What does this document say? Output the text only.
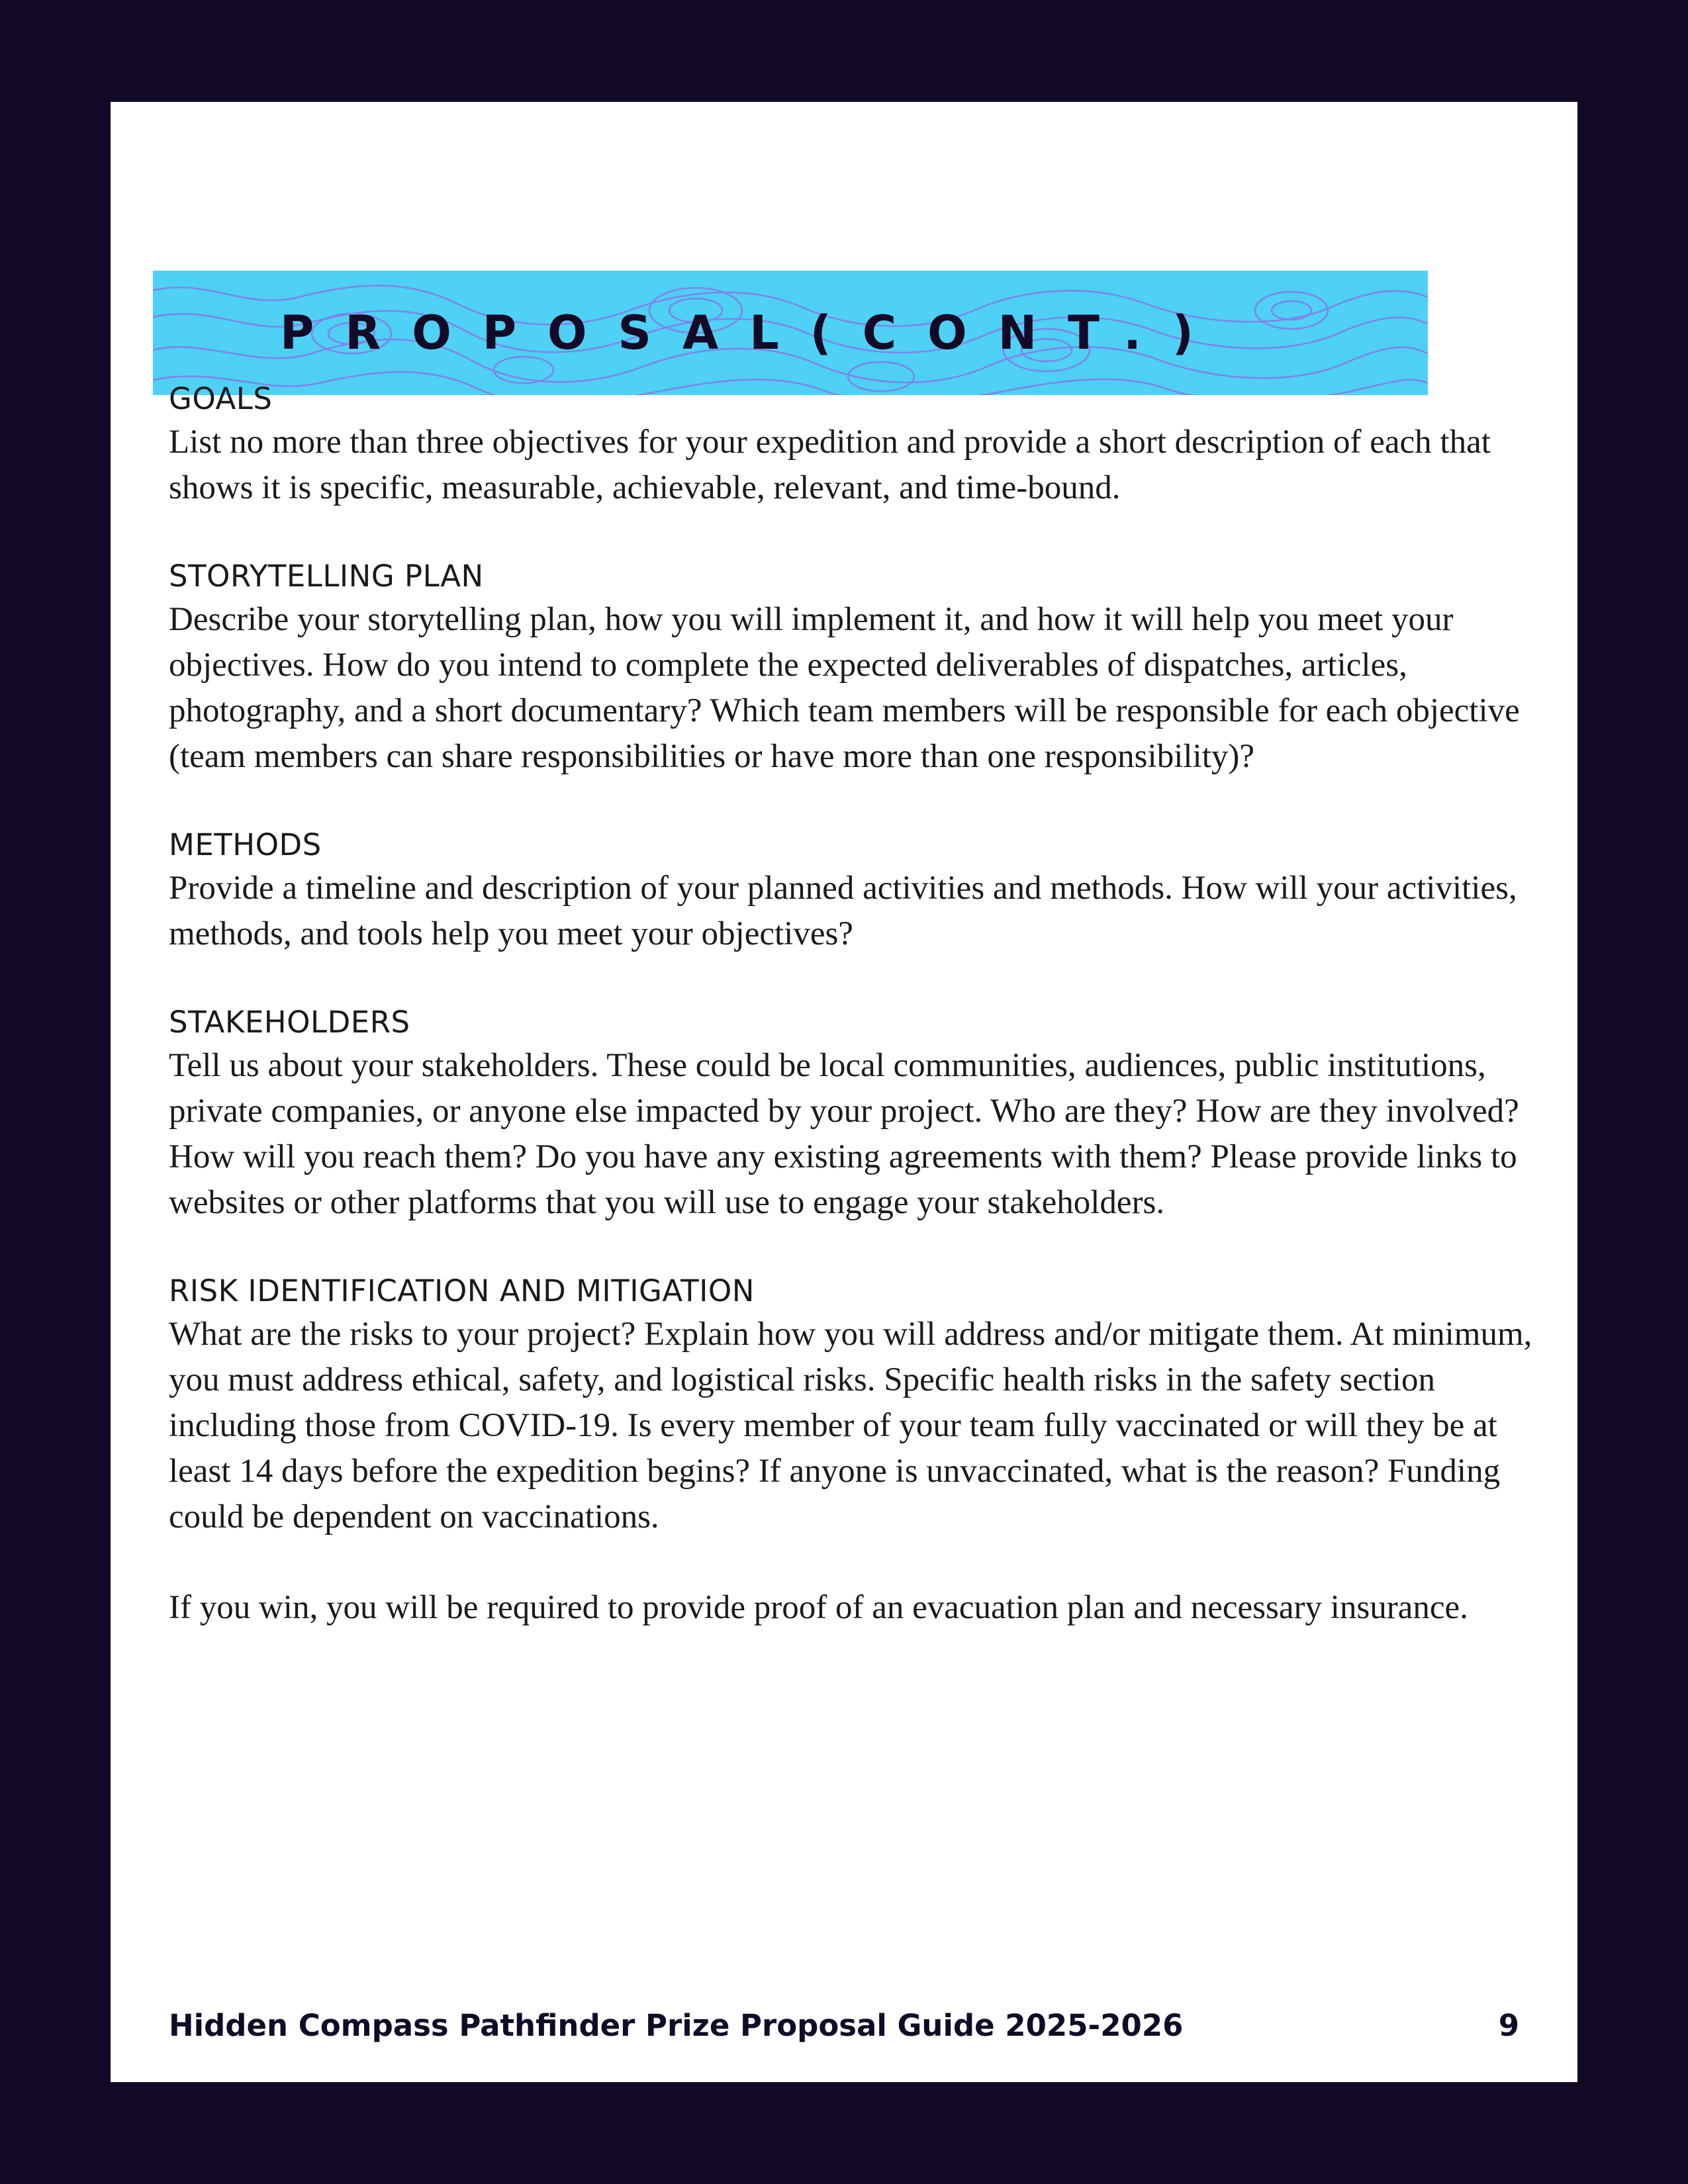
PROPOSAL(CONT.)

GOALS

List no more than three objectives for your expedition and provide a short description of each that shows it is specific, measurable, achievable, relevant, and time-bound.

STORYTELLING PLAN

Describe your storytelling plan, how you will implement it, and how it will help you meet your objectives. How do you intend to complete the expected deliverables of dispatches, articles, photography, and a short documentary? Which team members will be responsible for each objective (team members can share responsibilities or have more than one responsibility)?

METHODS

Provide a timeline and description of your planned activities and methods. How will your activities, methods, and tools help you meet your objectives?

STAKEHOLDERS

Tell us about your stakeholders. These could be local communities, audiences, public institutions, private companies, or anyone else impacted by your project. Who are they? How are they involved? How will you reach them? Do you have any existing agreements with them? Please provide links to websites or other platforms that you will use to engage your stakeholders.

RISK IDENTIFICATION AND MITIGATION

What are the risks to your project? Explain how you will address and/or mitigate them. At minimum, you must address ethical, safety, and logistical risks. Specific health risks in the safety section including those from COVID-19. Is every member of your team fully vaccinated or will they be at least 14 days before the expedition begins? If anyone is unvaccinated, what is the reason? Funding could be dependent on vaccinations.

If you win, you will be required to provide proof of an evacuation plan and necessary insurance.

Hidden Compass Pathfinder Prize Proposal Guide 2025-2026	9
